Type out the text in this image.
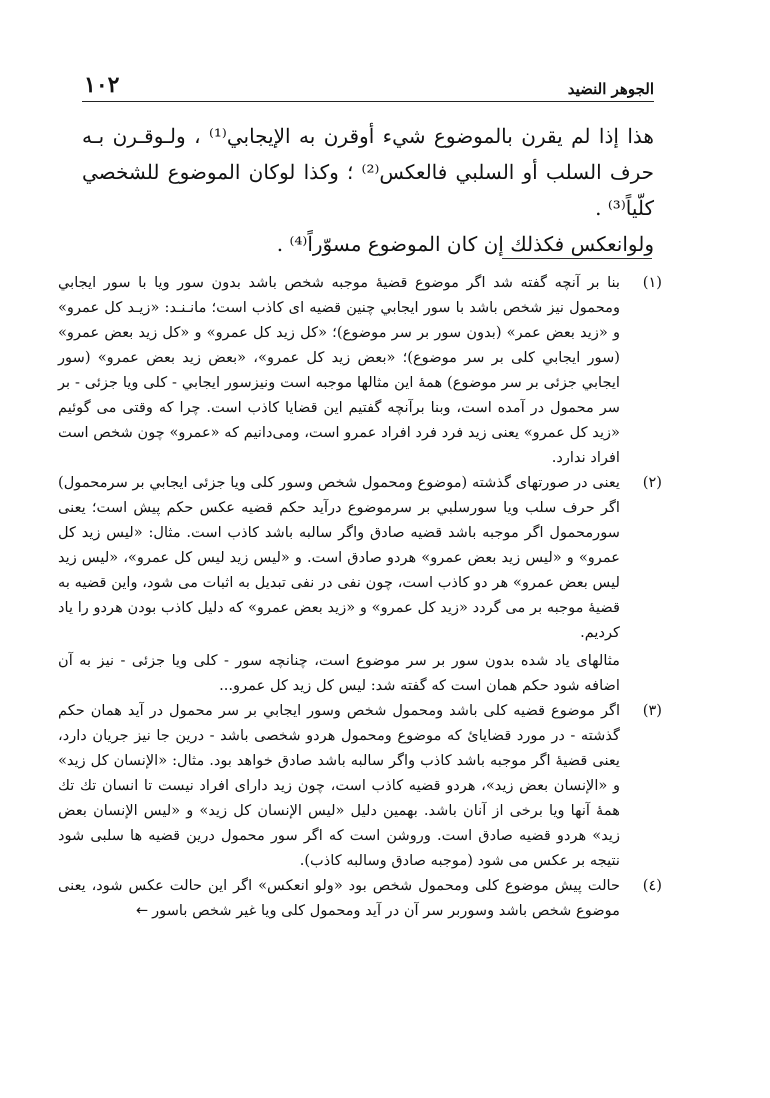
١٠٢	الجوهر النضيد

هذا إذا لم يقرن بالموضوع شيء أوقرن به الإيجابي⁽¹⁾ ، ولـوقـرن بـه حرف السلب أو السلبي فالعكس⁽²⁾ ؛ وكذا لوكان الموضوع للشخصي كلّياً⁽³⁾ .

ولوانعكس فكذلك إن كان الموضوع مسوّراً⁽⁴⁾ .

(١)
بنا بر آنچه گفته شد اگر موضوع قضيهٔ موجبه شخص باشد بدون سور ويا با سور ايجابي ومحمول نيز شخص باشد با سور ايجابي چنين قضيه اى كاذب است؛ مانـنـد: «زيـد كل عمرو» و «زيد بعض عمر» (بدون سور بر سر موضوع)؛ «كل زيد كل عمرو» و «كل زيد بعض عمرو» (سور ايجابي كلى بر سر موضوع)؛ «بعض زيد كل عمرو»، «بعض زيد بعض عمرو» (سور ايجابي جزئى بر سر موضوع) همهٔ اين مثالها موجبه است ونيزسور ايجابي - كلى ويا جزئى - بر سر محمول در آمده است، وبنا برآنچه گفتيم اين قضايا كاذب است. چرا كه وقتى مى گوئيم «زيد كل عمرو» يعنى زيد فرد فرد افراد عمرو است، ومى‌دانيم كه «عمرو» چون شخص است افراد ندارد.
(٢)
يعنى در صورتهاى گذشته (موضوع ومحمول شخص وسور كلى ويا جزئى ايجابي بر سرمحمول) اگر حرف سلب ويا سورسلبي بر سرموضوع درآيد حكم قضيه عكس حكم پيش است؛ يعنى سورمحمول اگر موجبه باشد قضيه صادق واگر سالبه باشد كاذب است. مثال: «ليس زيد كل عمرو» و «ليس زيد بعض عمرو» هردو صادق است. و «ليس زيد ليس كل عمرو»، «ليس زيد ليس بعض عمرو» هر دو كاذب است، چون نفى در نفى تبديل به اثبات مى شود، واين قضيه به قضيهٔ موجبه بر مى گردد «زيد كل عمرو» و «زيد بعض عمرو» كه دليل كاذب بودن هردو را ياد كرديم.

مثالهاى ياد شده بدون سور بر سر موضوع است، چنانچه سور - كلى ويا جزئى - نيز به آن اضافه شود حكم همان است كه گفته شد: ليس كل زيد كل عمرو...

(٣)
اگر موضوع قضيه كلى باشد ومحمول شخص وسور ايجابي بر سر محمول در آيد همان حكم گذشته - در مورد قضاياىٔ كه موضوع ومحمول هردو شخصى باشد - درين جا نيز جريان دارد، يعنى قضيهٔ اگر موجبه باشد كاذب واگر سالبه باشد صادق خواهد بود. مثال: «الإنسان كل زيد» و «الإنسان بعض زيد»، هردو قضيه كاذب است، چون زيد داراى افراد نيست تا انسان تك تك همهٔ آنها ويا برخى از آنان باشد. بهمين دليل «ليس الإنسان كل زيد» و «ليس الإنسان بعض زيد» هردو قضيه صادق است. وروشن است كه اگر سور محمول درين قضيه ها سلبى شود نتيجه بر عكس مى شود (موجبه صادق وسالبه كاذب).
(٤)
حالت پيش موضوع كلى ومحمول شخص بود «ولو انعكس» اگر اين حالت عكس شود، يعنى موضوع شخص باشد وسوربر سر آن در آيد ومحمول كلى ويا غير شخص باسور←
